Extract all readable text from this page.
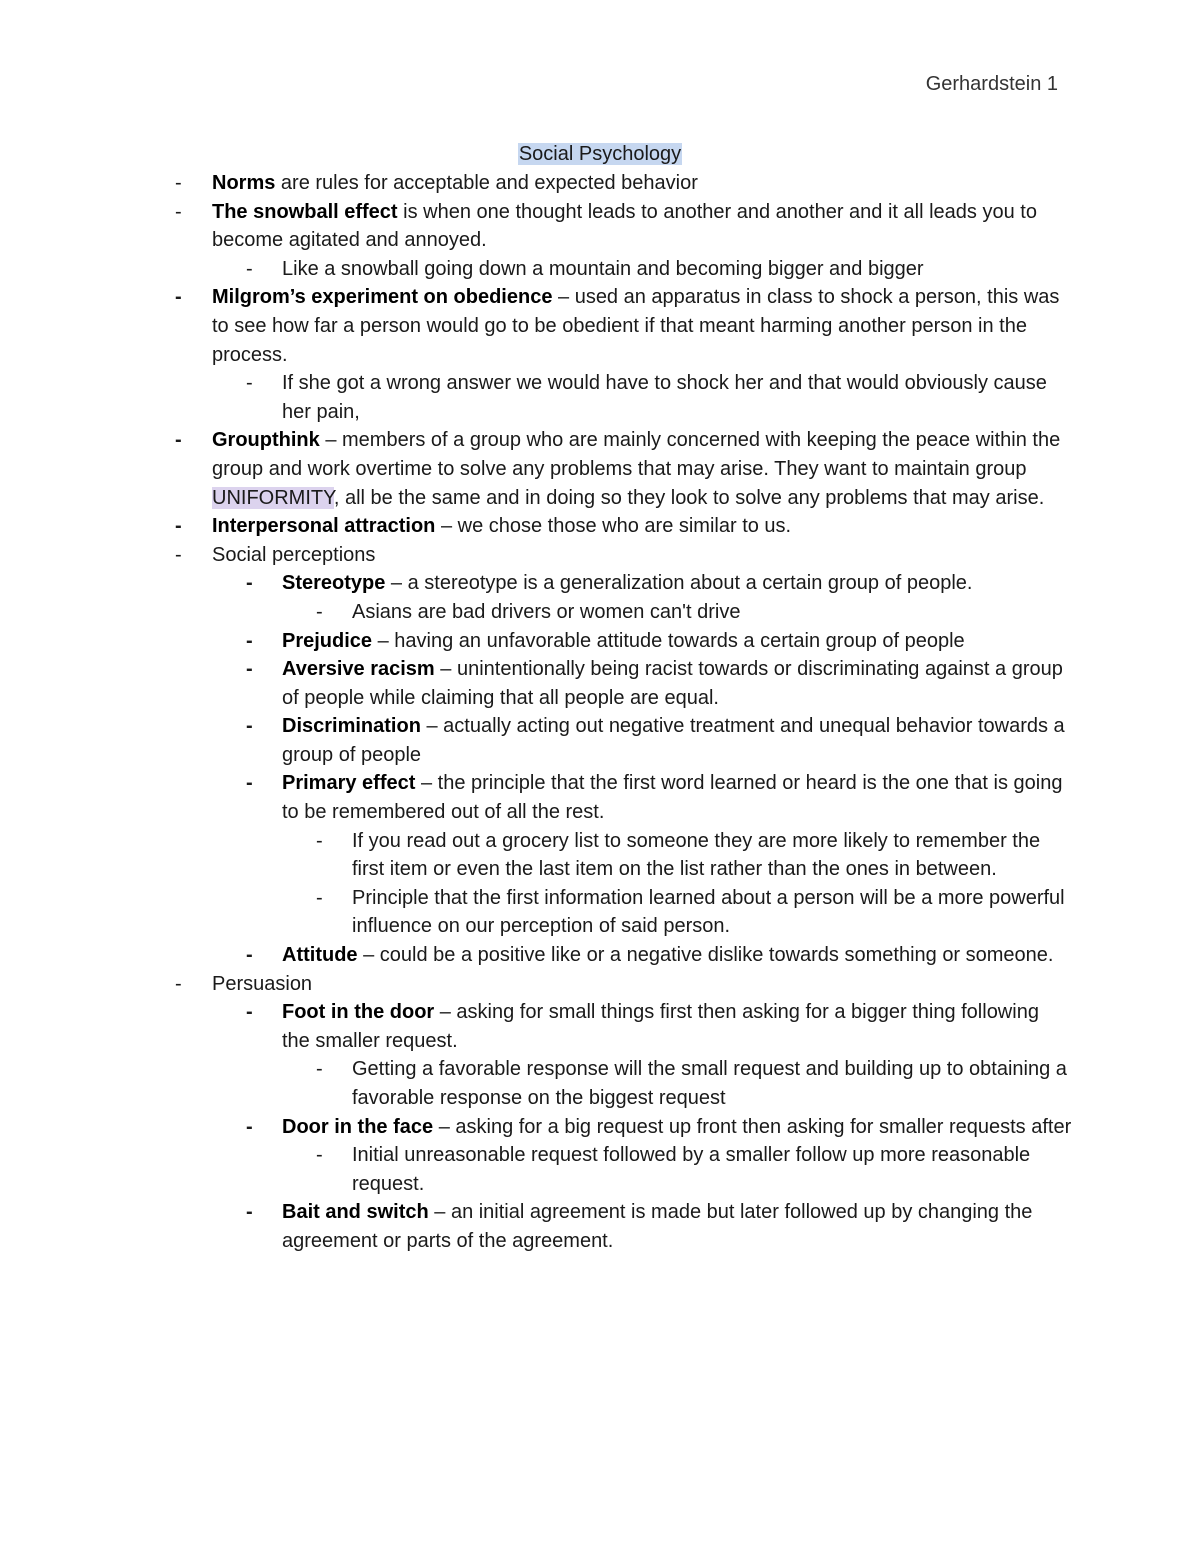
Gerhardstein 1
Social Psychology
- Norms are rules for acceptable and expected behavior
- The snowball effect is when one thought leads to another and another and it all leads you to become agitated and annoyed.
- Like a snowball going down a mountain and becoming bigger and bigger
- Milgrom’s experiment on obedience – used an apparatus in class to shock a person, this was to see how far a person would go to be obedient if that meant harming another person in the process.
- If she got a wrong answer we would have to shock her and that would obviously cause her pain,
- Groupthink – members of a group who are mainly concerned with keeping the peace within the group and work overtime to solve any problems that may arise. They want to maintain group UNIFORMITY, all be the same and in doing so they look to solve any problems that may arise.
- Interpersonal attraction – we chose those who are similar to us.
- Social perceptions
- Stereotype – a stereotype is a generalization about a certain group of people.
- Asians are bad drivers or women can't drive
- Prejudice – having an unfavorable attitude towards a certain group of people
- Aversive racism – unintentionally being racist towards or discriminating against a group of people while claiming that all people are equal.
- Discrimination – actually acting out negative treatment and unequal behavior towards a group of people
- Primary effect – the principle that the first word learned or heard is the one that is going to be remembered out of all the rest.
- If you read out a grocery list to someone they are more likely to remember the first item or even the last item on the list rather than the ones in between.
- Principle that the first information learned about a person will be a more powerful influence on our perception of said person.
- Attitude – could be a positive like or a negative dislike towards something or someone.
- Persuasion
- Foot in the door – asking for small things first then asking for a bigger thing following the smaller request.
- Getting a favorable response will the small request and building up to obtaining a favorable response on the biggest request
- Door in the face – asking for a big request up front then asking for smaller requests after
- Initial unreasonable request followed by a smaller follow up more reasonable request.
- Bait and switch – an initial agreement is made but later followed up by changing the agreement or parts of the agreement.
